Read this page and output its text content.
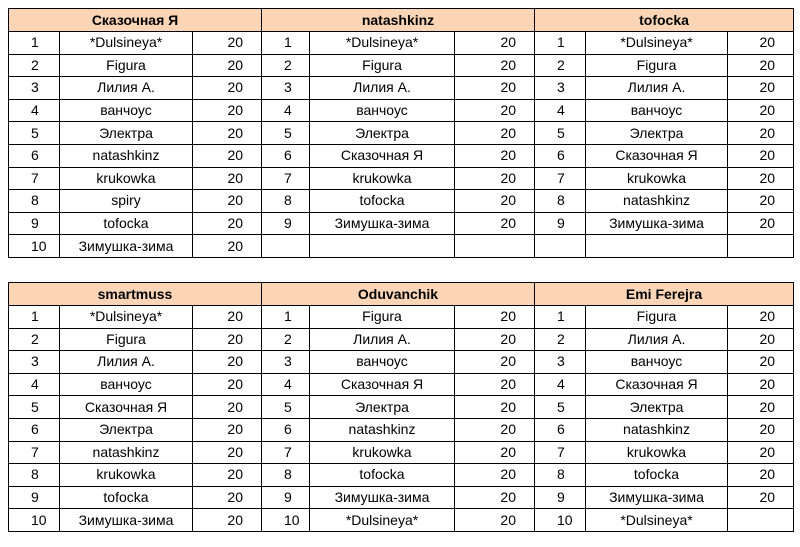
Сказочная Я			natashkinz			tofocka		
1	*Dulsineya*	20	1	*Dulsineya*	20	1	*Dulsineya*	20
2	Figura	20	2	Figura	20	2	Figura	20
3	Лилия А.	20	3	Лилия А.	20	3	Лилия А.	20
4	ванчоус	20	4	ванчоус	20	4	ванчоус	20
5	Электра	20	5	Электра	20	5	Электра	20
6	natashkinz	20	6	Сказочная Я	20	6	Сказочная Я	20
7	krukowka	20	7	krukowka	20	7	krukowka	20
8	spiry	20	8	tofocka	20	8	natashkinz	20
9	tofocka	20	9	Зимушка-зима	20	9	Зимушка-зима	20
10	Зимушка-зима	20						
smartmuss			Oduvanchik			Emi Ferejra		
1	*Dulsineya*	20	1	Figura	20	1	Figura	20
2	Figura	20	2	Лилия А.	20	2	Лилия А.	20
3	Лилия А.	20	3	ванчоус	20	3	ванчоус	20
4	ванчоус	20	4	Сказочная Я	20	4	Сказочная Я	20
5	Сказочная Я	20	5	Электра	20	5	Электра	20
6	Электра	20	6	natashkinz	20	6	natashkinz	20
7	natashkinz	20	7	krukowka	20	7	krukowka	20
8	krukowka	20	8	tofocka	20	8	tofocka	20
9	tofocka	20	9	Зимушка-зима	20	9	Зимушка-зима	20
10	Зимушка-зима	20	10	*Dulsineya*	20	10	*Dulsineya*	
